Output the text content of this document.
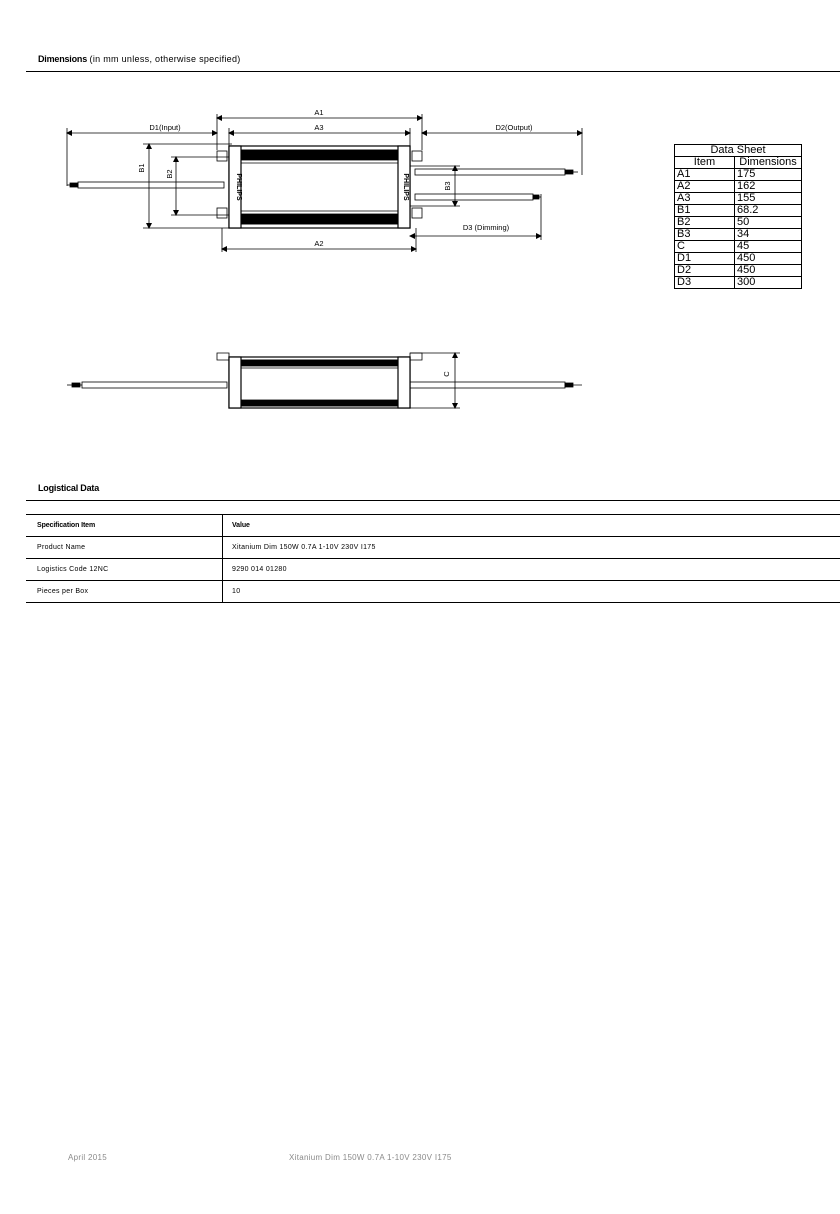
Dimensions (in mm unless, otherwise specified)
PHILIPS	PHILIPS
A1
A3
D1(Input)	D2(Output)
A2
D3 (Dimming)
B1
B2
B3
C
Data Sheet	
Item	Dimensions
A1	175
A2	162
A3	155
B1	68.2
B2	50
B3	34
C	45
D1	450
D2	450
D3	300
Logistical Data
Specification Item	Value
Product Name	Xitanium Dim 150W 0.7A 1-10V 230V I175
Logistics Code 12NC	9290 014 01280
Pieces per Box	10
April 2015	Xitanium Dim 150W 0.7A 1-10V 230V I175
